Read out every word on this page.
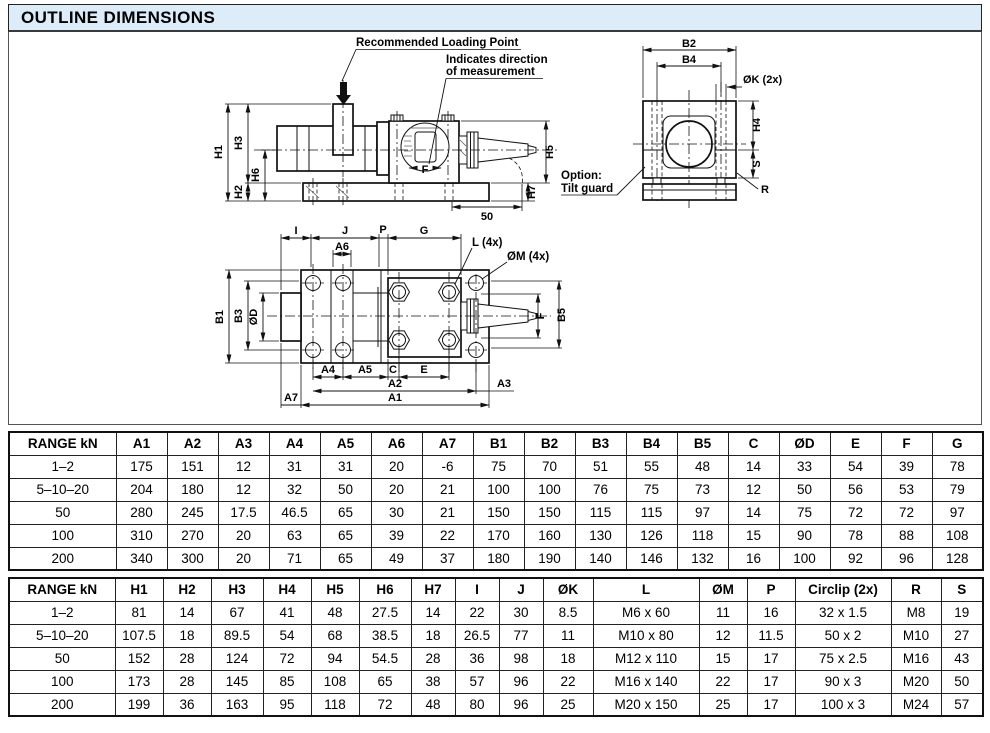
OUTLINE DIMENSIONS
F
H1
H3
H2
H6
H5
H7
50
Recommended Loading Point
Indicates direction
of measurement
B2
B4
ØK (2x)
H4
S
R
Option:
Tilt guard
I	J	P	G
A6	L (4x)
ØM (4x)
B1 B3 ØD	F B5
A4 A5 C E
A2	A3
A7	A1
RANGE kN	A1	A2	A3	A4	A5	A6	A7	B1	B2	B3	B4	B5	C	ØD	E	F	G
1–2	175	151	12	31	31	20	-6	75	70	51	55	48	14	33	54	39	78
5–10–20	204	180	12	32	50	20	21	100	100	76	75	73	12	50	56	53	79
50	280	245	17.5	46.5	65	30	21	150	150	115	115	97	14	75	72	72	97
100	310	270	20	63	65	39	22	170	160	130	126	118	15	90	78	88	108
200	340	300	20	71	65	49	37	180	190	140	146	132	16	100	92	96	128
RANGE kN	H1	H2	H3	H4	H5	H6	H7	I	J	ØK	L	ØM	P	Circlip (2x)	R	S
1–2	81	14	67	41	48	27.5	14	22	30	8.5	M6 x 60	11	16	32 x 1.5	M8	19
5–10–20	107.5	18	89.5	54	68	38.5	18	26.5	77	11	M10 x 80	12	11.5	50 x 2	M10	27
50	152	28	124	72	94	54.5	28	36	98	18	M12 x 110	15	17	75 x 2.5	M16	43
100	173	28	145	85	108	65	38	57	96	22	M16 x 140	22	17	90 x 3	M20	50
200	199	36	163	95	118	72	48	80	96	25	M20 x 150	25	17	100 x 3	M24	57
